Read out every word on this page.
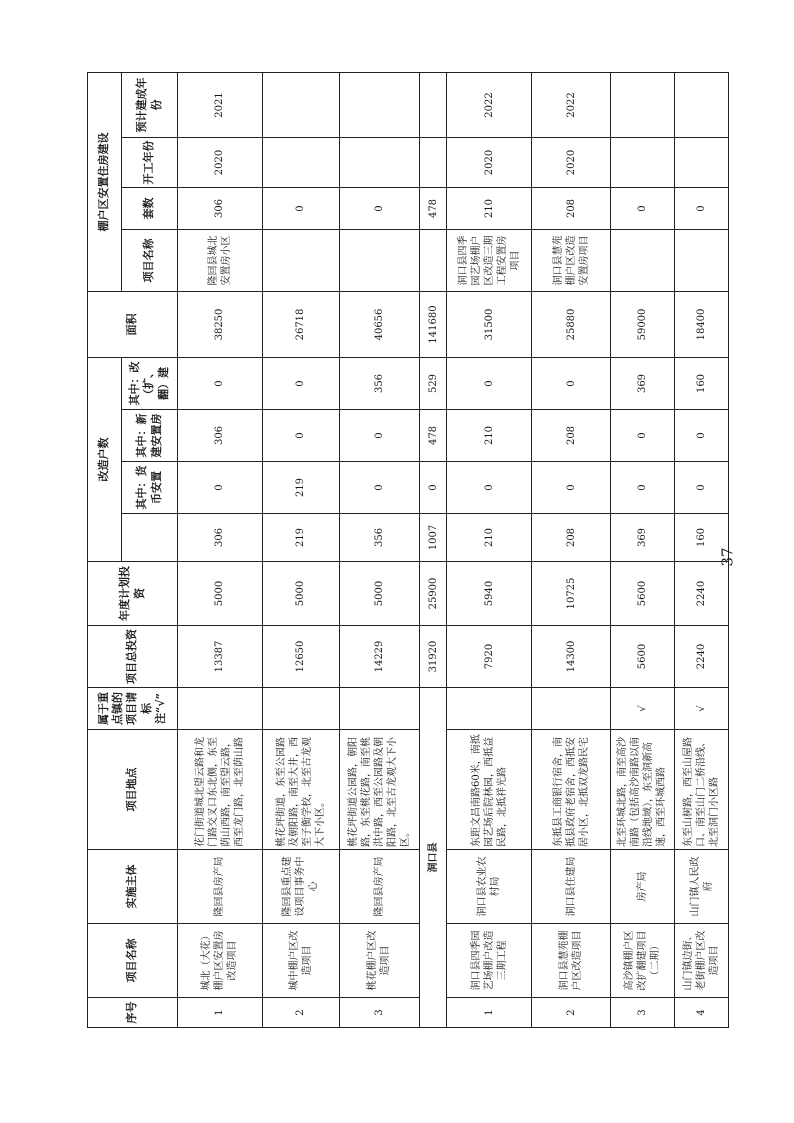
序号	项目名称	实施主体	项目地点	属于重点镇的项目请标注“√”	项目总投资	年度计划投资	改造户数				面积	棚户区安置住房建设			
								其中：货币安置	其中：新建安置房	其中：改（扩、翻）建		项目名称	套数	开工年份	预计建成年份
1	城北（大花）棚户区安置房改造项目	隆回县房产局	花门街道城北望云路和龙门路交叉口东北侧，东至荫山西路，南至望云路，西至龙门路，北至荫山路		13387	5000	306	0	306	0	38250	隆回县城北安置房小区	306	2020	2021
2	城中棚户区改造项目	隆回县重点建设项目事务中心	桃花坪街道，东至公园路及朝阳路，南至大井，西至子衡学校，北至古龙观大下小区。		12650	5000	219	219	0	0	26718		0		
3	桃花棚户区改造项目	隆回县房产局	桃花坪街道公园路，朝阳路，东至桃花路，南至桃洪中路，西至公园路及朝阳路，北至古龙观大下小区。		14229	5000	356	0	0	356	40656		0		
洞口县					31920	25900	1007	0	478	529	141680		478		
1	洞口县四季园艺场棚户改造三期工程	洞口县农业农村局	东距文昌南路60米，南抵园艺场后院林园，西抵益民路，北抵祥光路		7920	5940	210	0	210	0	31500	洞口县四季园艺场棚户区改造三期工程安置房项目	210	2020	2022
2	洞口县慧苑棚户区改造项目	洞口县住建局	东抵县工商银行宿舍，南抵县政府老宿舍，西抵安居小区，北抵双龙路民宅		14300	10725	208	0	208	0	25880	洞口县慧苑棚户区改造安置房项目	208	2020	2022
3	高沙镇棚户区改扩翻建项目（二期）	房产局	北至环城北路，南至高沙南路（包括高沙南路以南沿线地域），东至洞新高速，西至环城西路	√	5600	5600	369	0	0	369	59000		0		
4	山门镇边街、老街棚户区改造项目	山门镇人民政府	东至山树路，西至山屋路口、南至山门二桥沿线、北至洞门小区路	√	2240	2240	160	0	0	160	18400		0		
37
